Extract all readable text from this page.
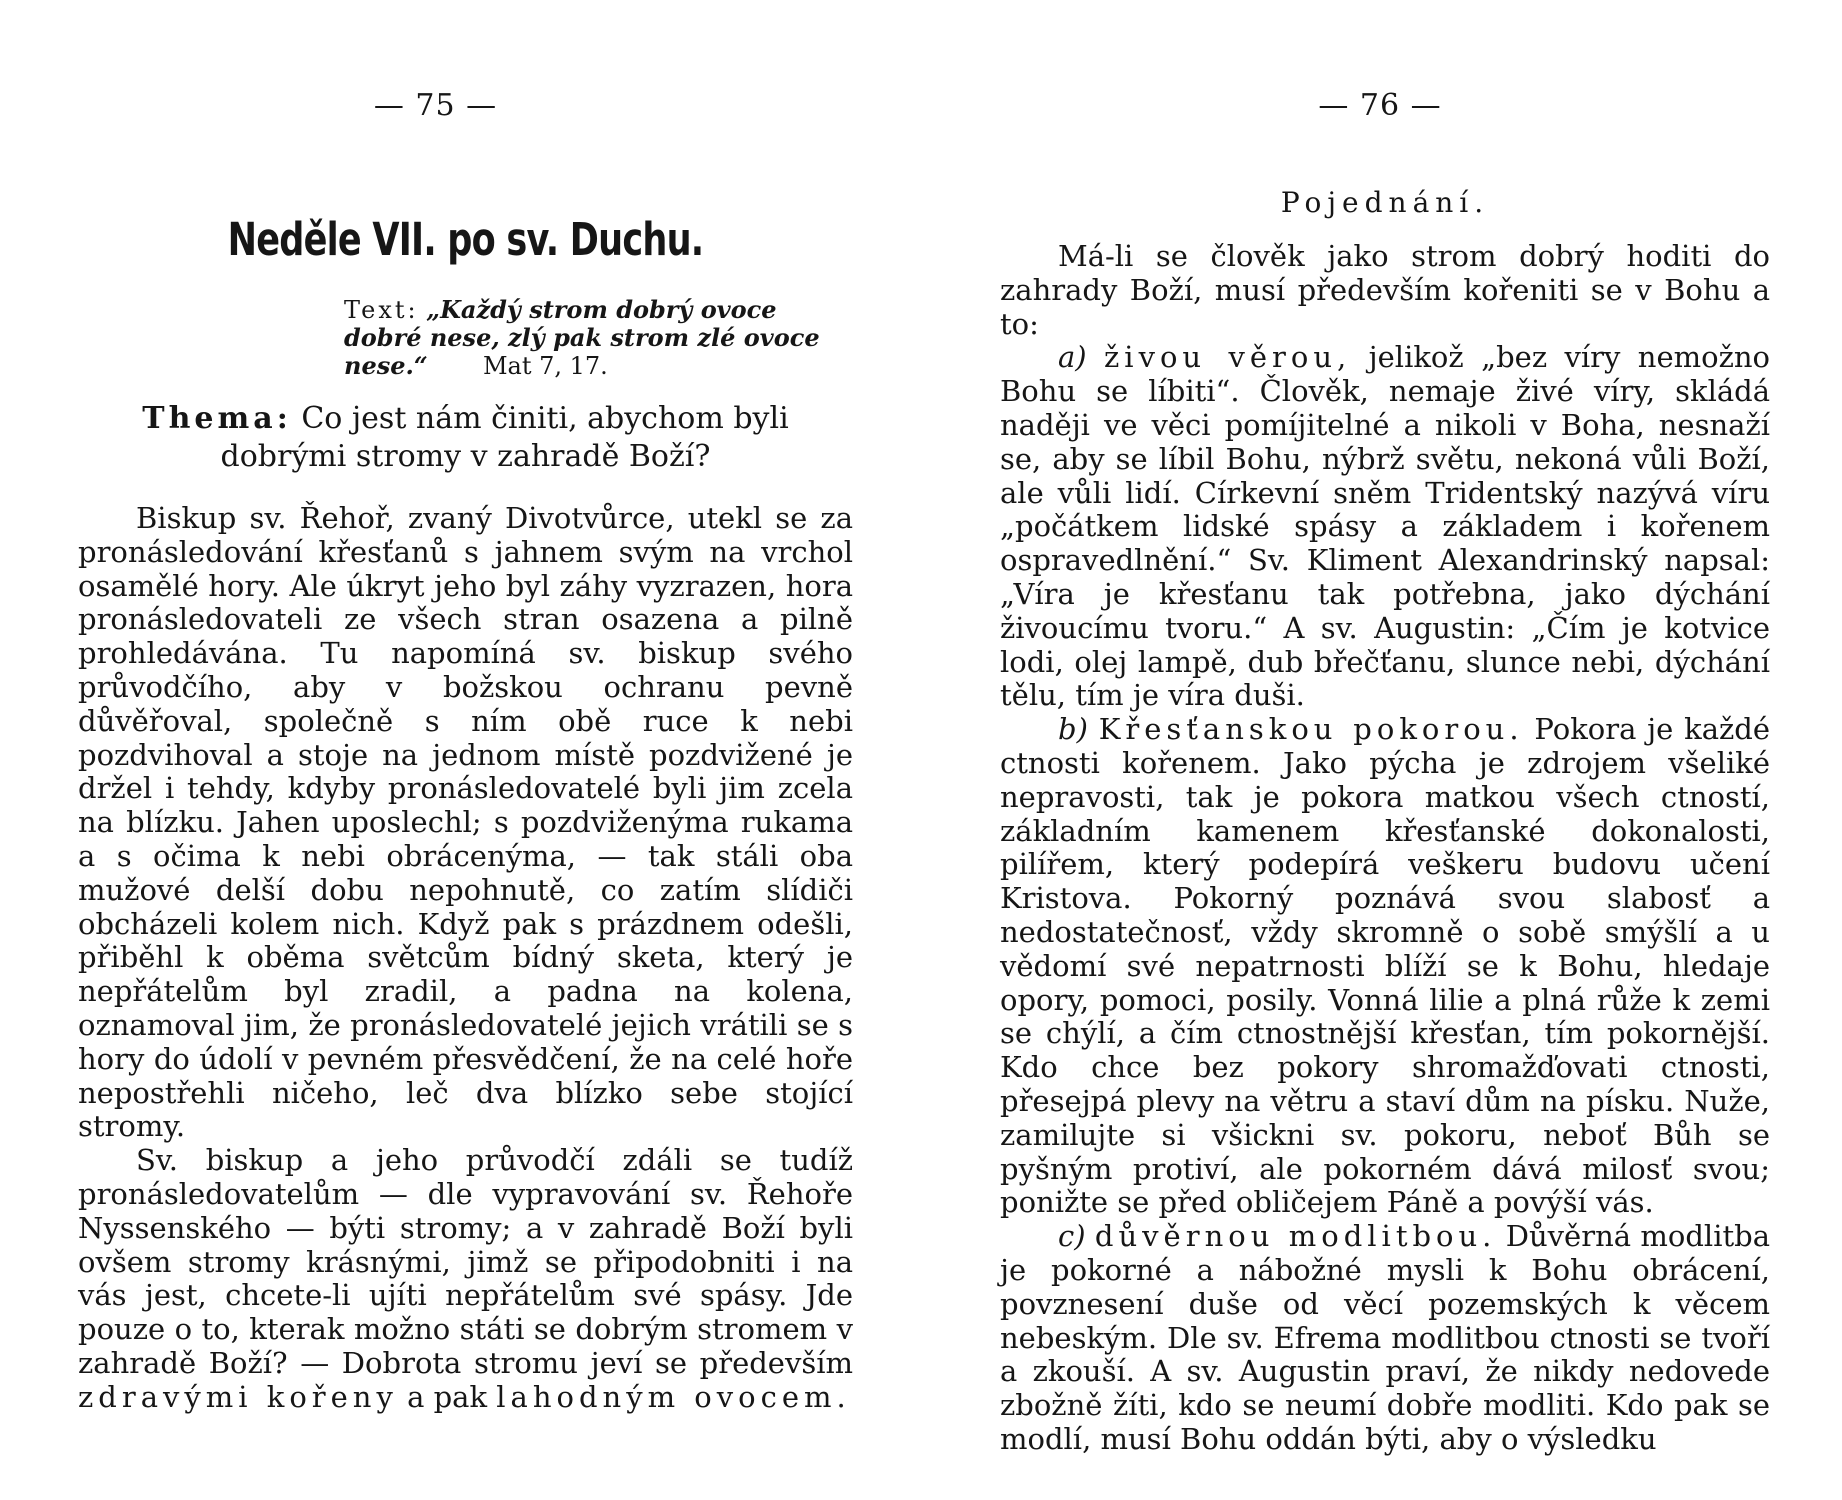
— 75 —
Neděle VII. po sv. Duchu.
Text: „Každý strom dobrý ovoce dobré nese, zlý pak strom zlé ovoce nese.“ Mat 7, 17.
Thema: Co jest nám činiti, abychom byli dobrými stromy v zahradě Boží?

Biskup sv. Řehoř, zvaný Divotvůrce, utekl se za pronásledování křesťanů s jahnem svým na vrchol osamělé hory. Ale úkryt jeho byl záhy vyzrazen, hora pronásledovateli ze všech stran osazena a pilně prohledávána. Tu napomíná sv. biskup svého průvodčího, aby v božskou ochranu pevně důvěřoval, společně s ním obě ruce k nebi pozdvihoval a stoje na jednom místě pozdvižené je držel i tehdy, kdyby pronásledovatelé byli jim zcela na blízku. Jahen uposlechl; s pozdviženýma rukama a s očima k nebi obrácenýma, — tak stáli oba mužové delší dobu nepohnutě, co zatím slídiči obcházeli kolem nich. Když pak s prázdnem odešli, přiběhl k oběma světcům bídný sketa, který je nepřátelům byl zradil, a padna na kolena, oznamoval jim, že pronásledovatelé jejich vrátili se s hory do údolí v pevném přesvědčení, že na celé hoře nepostřehli ničeho, leč dva blízko sebe stojící stromy.

Sv. biskup a jeho průvodčí zdáli se tudíž pronásledovatelům — dle vypravování sv. Řehoře Nyssenského — býti stromy; a v zahradě Boží byli ovšem stromy krásnými, jimž se připodobniti i na vás jest, chcete-li ujíti nepřátelům své spásy. Jde pouze o to, kterak možno státi se dobrým stromem v zahradě Boží? — Dobrota stromu jeví se především zdravými kořeny a pak lahodným ovocem.

— 76 —
Pojednání.

Má-li se člověk jako strom dobrý hoditi do zahrady Boží, musí především kořeniti se v Bohu a to:

a) živou věrou, jelikož „bez víry nemožno Bohu se líbiti“. Člověk, nemaje živé víry, skládá naději ve věci pomíjitelné a nikoli v Boha, nesnaží se, aby se líbil Bohu, nýbrž světu, nekoná vůli Boží, ale vůli lidí. Církevní sněm Tridentský nazývá víru „počátkem lidské spásy a základem i kořenem ospravedlnění.“ Sv. Kliment Alexandrinský napsal: „Víra je křesťanu tak potřebna, jako dýchání živoucímu tvoru.“ A sv. Augustin: „Čím je kotvice lodi, olej lampě, dub břečťanu, slunce nebi, dýchání tělu, tím je víra duši.

b) Křesťanskou pokorou. Pokora je každé ctnosti kořenem. Jako pýcha je zdrojem všeliké nepravosti, tak je pokora matkou všech ctností, základním kamenem křesťanské dokonalosti, pilířem, který podepírá veškeru budovu učení Kristova. Pokorný poznává svou slabosť a nedostatečnosť, vždy skromně o sobě smýšlí a u vědomí své nepatrnosti blíží se k Bohu, hledaje opory, pomoci, posily. Vonná lilie a plná růže k zemi se chýlí, a čím ctnostnější křesťan, tím pokornější. Kdo chce bez pokory shromažďovati ctnosti, přesejpá plevy na větru a staví dům na písku. Nuže, zamilujte si všickni sv. pokoru, neboť Bůh se pyšným protiví, ale pokorném dává milosť svou; ponižte se před obličejem Páně a povýší vás.

c) důvěrnou modlitbou. Důvěrná modlitba je pokorné a nábožné mysli k Bohu obrácení, povznesení duše od věcí pozemských k věcem nebeským. Dle sv. Efrema modlitbou ctnosti se tvoří a zkouší. A sv. Augustin praví, že nikdy nedovede zbožně žíti, kdo se neumí dobře modliti. Kdo pak se modlí, musí Bohu oddán býti, aby o výsledku
